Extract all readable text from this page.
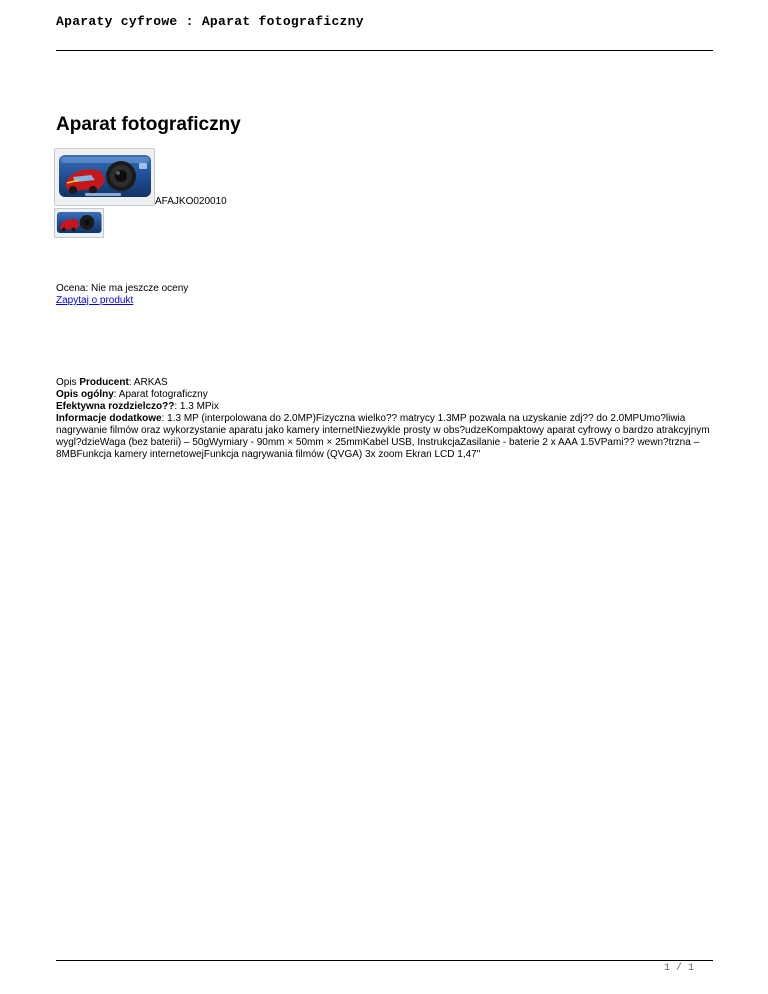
Aparaty cyfrowe : Aparat fotograficzny
Aparat fotograficzny
AFAJKO020010
Ocena: Nie ma jeszcze oceny
Zapytaj o produkt
Opis Producent: ARKAS
Opis ogólny: Aparat fotograficzny
Efektywna rozdzielczo??: 1.3 MPix
Informacje dodatkowe: 1.3 MP (interpolowana do 2.0MP)Fizyczna wielko?? matrycy 1.3MP pozwala na uzyskanie zdj?? do 2.0MPUmo?liwia nagrywanie filmów oraz wykorzystanie aparatu jako kamery internetNiezwykle prosty w obs?udzeKompaktowy aparat cyfrowy o bardzo atrakcyjnym wygl?dzieWaga (bez baterii) – 50gWymiary - 90mm × 50mm × 25mmKabel USB, InstrukcjaZasilanie - baterie 2 x AAA 1.5VPami?? wewn?trzna – 8MBFunkcja kamery internetowejFunkcja nagrywania filmów (QVGA) 3x zoom Ekran LCD 1,47"
1 / 1
